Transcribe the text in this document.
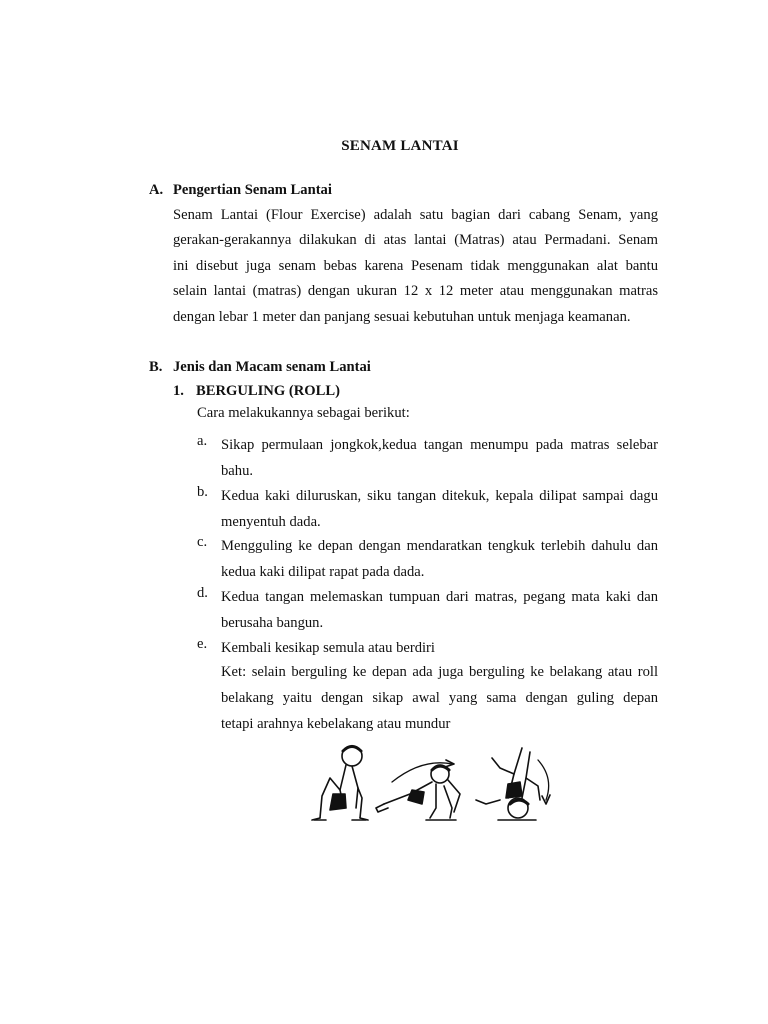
SENAM LANTAI
A. Pengertian Senam Lantai
Senam Lantai (Flour Exercise) adalah satu bagian dari cabang Senam, yang
gerakan-gerakannya dilakukan di atas lantai (Matras) atau Permadani. Senam
ini disebut juga senam bebas karena Pesenam tidak menggunakan alat bantu
selain lantai (matras) dengan ukuran 12 x 12 meter atau menggunakan matras
dengan lebar 1 meter dan panjang sesuai kebutuhan untuk menjaga keamanan.
B. Jenis dan Macam senam Lantai
1. BERGULING (ROLL)
Cara melakukannya sebagai berikut:
a. Sikap permulaan jongkok,kedua tangan menumpu pada matras selebar
bahu.
b. Kedua kaki diluruskan, siku tangan ditekuk, kepala dilipat sampai dagu
menyentuh dada.
c. Mengguling ke depan dengan mendaratkan tengkuk terlebih dahulu dan
kedua kaki dilipat rapat pada dada.
d. Kedua tangan melemaskan tumpuan dari matras, pegang mata kaki dan
berusaha bangun.
e. Kembali kesikap semula atau berdiri
Ket: selain berguling ke depan ada juga berguling ke belakang atau roll
belakang yaitu dengan sikap awal yang sama dengan guling depan
tetapi arahnya kebelakang atau mundur
